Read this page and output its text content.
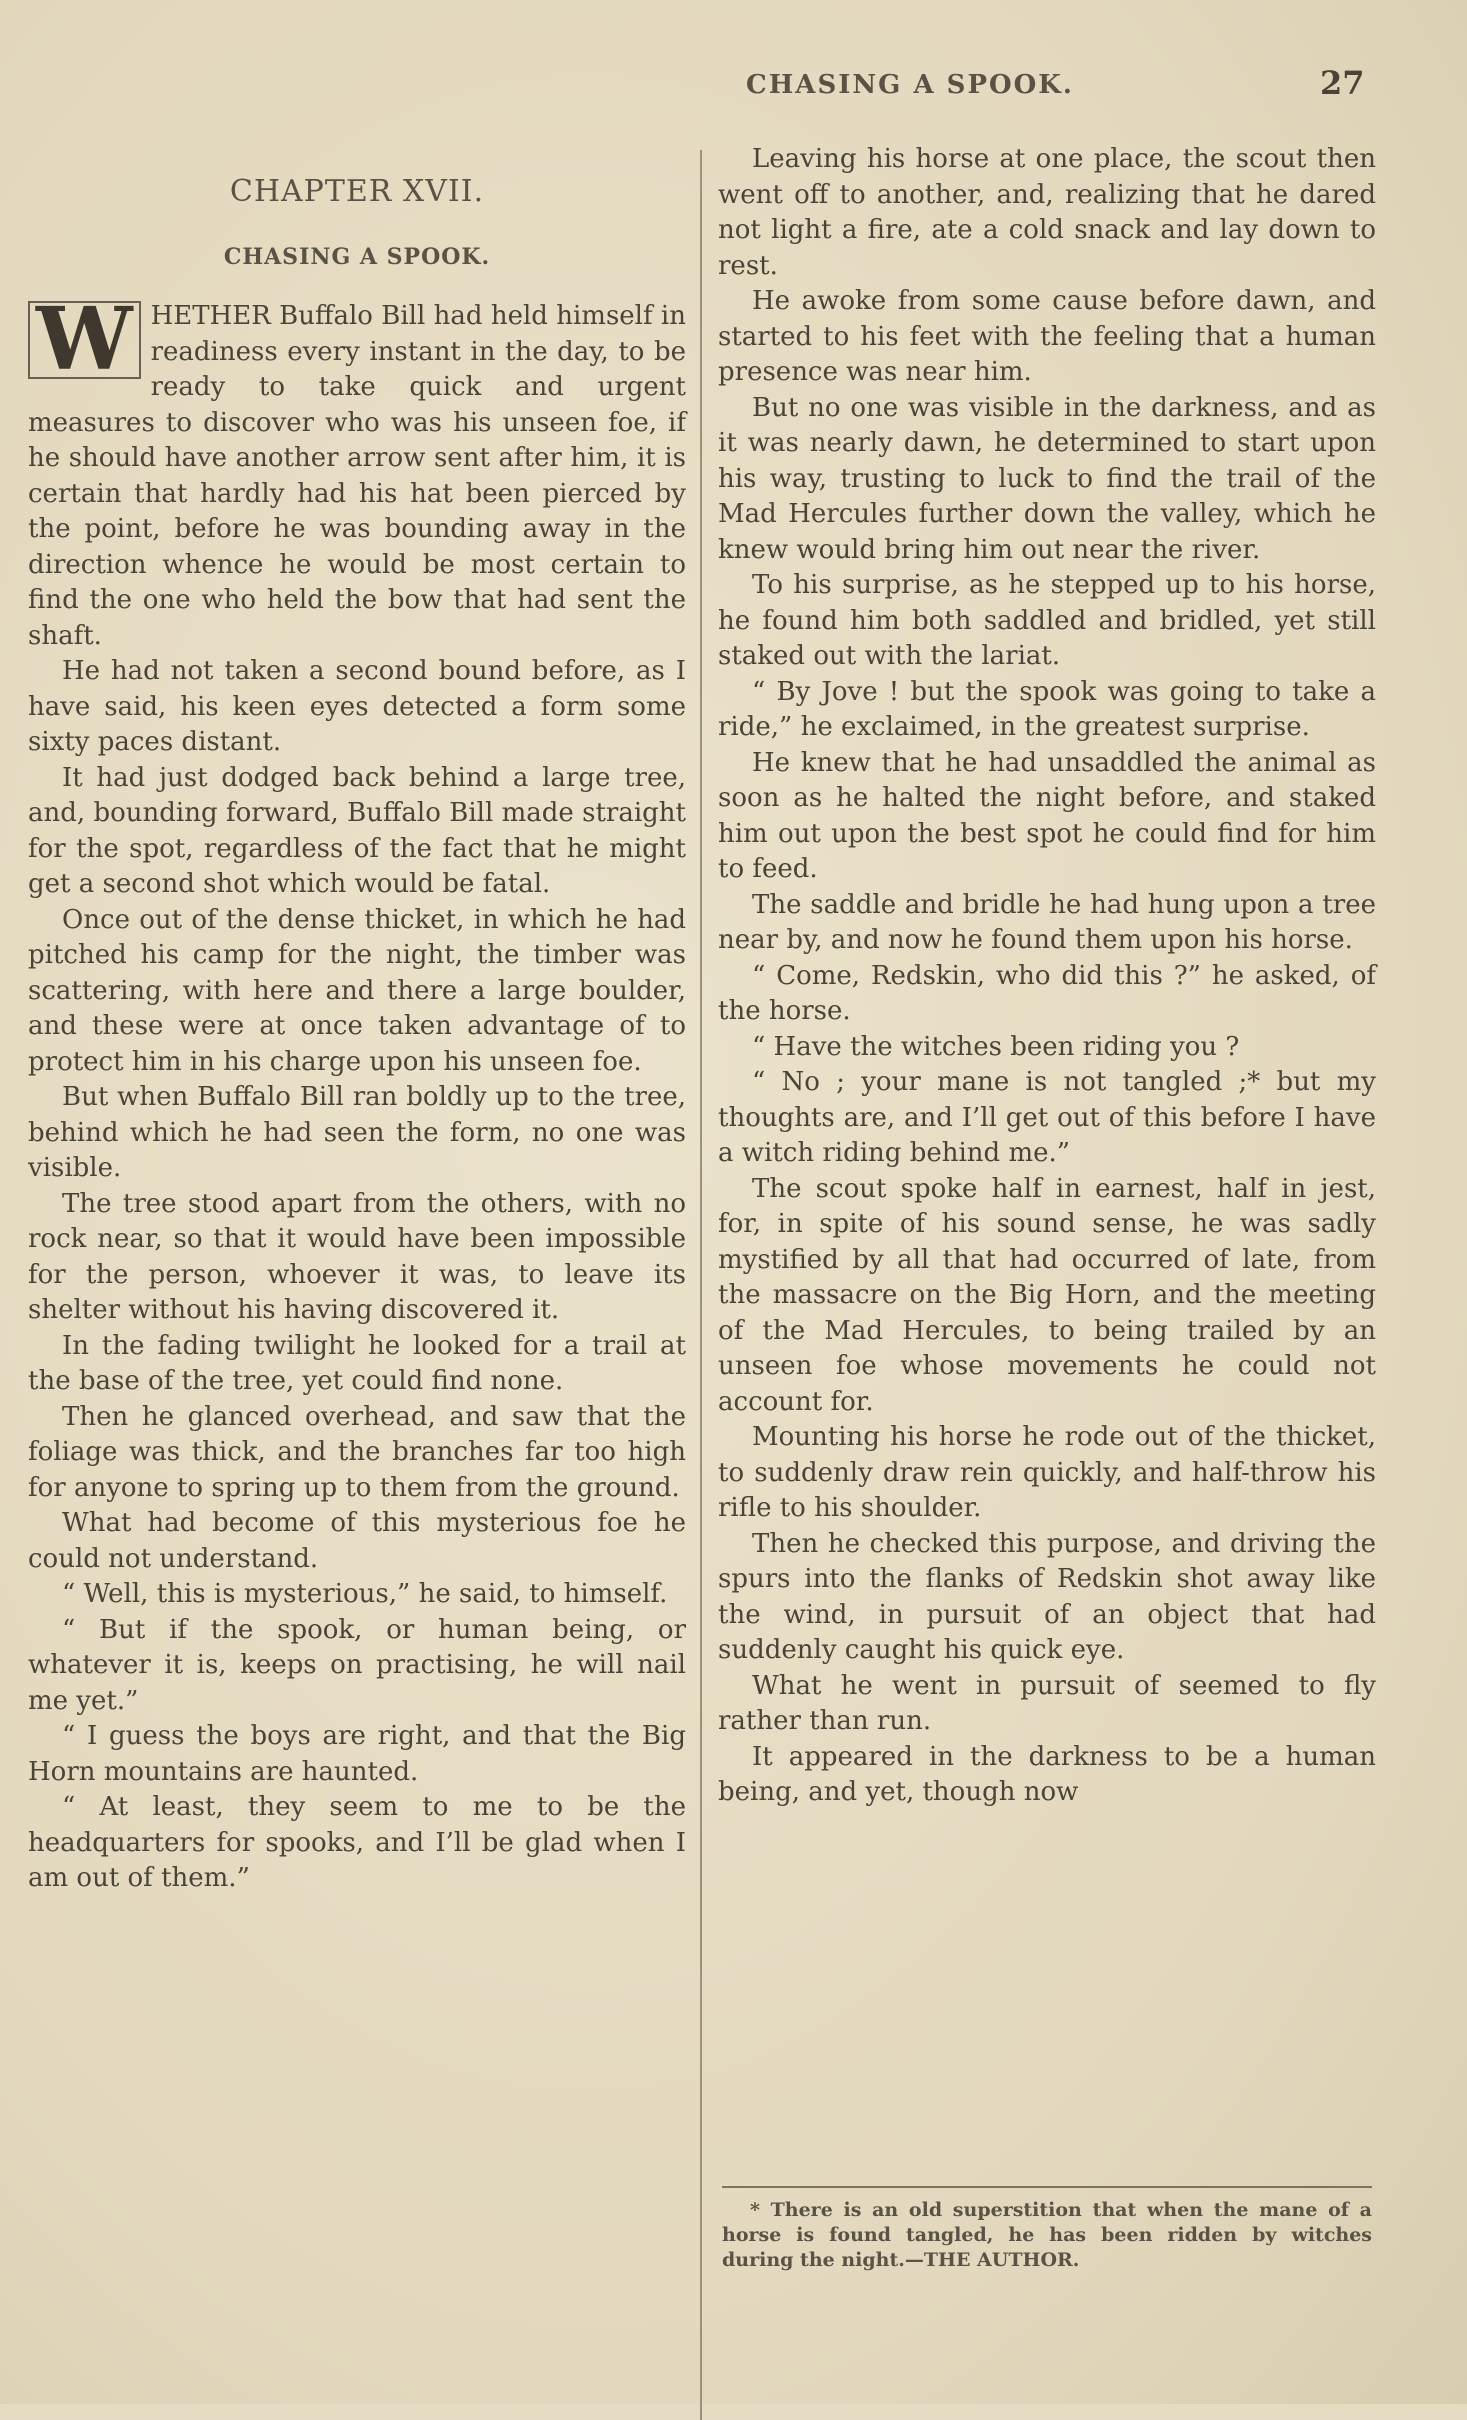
CHASING A SPOOK.	27
CHAPTER XVII.
CHASING A SPOOK.

W HETHER Buffalo Bill had held himself in readiness every instant in the day, to be ready to take quick and urgent measures to discover who was his unseen foe, if he should have another arrow sent after him, it is certain that hardly had his hat been pierced by the point, before he was bounding away in the direction whence he would be most certain to find the one who held the bow that had sent the shaft.

He had not taken a second bound before, as I have said, his keen eyes detected a form some sixty paces distant.

It had just dodged back behind a large tree, and, bounding forward, Buffalo Bill made straight for the spot, regardless of the fact that he might get a second shot which would be fatal.

Once out of the dense thicket, in which he had pitched his camp for the night, the timber was scattering, with here and there a large boulder, and these were at once taken advantage of to protect him in his charge upon his unseen foe.

But when Buffalo Bill ran boldly up to the tree, behind which he had seen the form, no one was visible.

The tree stood apart from the others, with no rock near, so that it would have been impossible for the person, whoever it was, to leave its shelter without his having discovered it.

In the fading twilight he looked for a trail at the base of the tree, yet could find none.

Then he glanced overhead, and saw that the foliage was thick, and the branches far too high for anyone to spring up to them from the ground.

What had become of this mysterious foe he could not understand.

“ Well, this is mysterious,” he said, to himself.

“ But if the spook, or human being, or whatever it is, keeps on practising, he will nail me yet.”

“ I guess the boys are right, and that the Big Horn mountains are haunted.

“ At least, they seem to me to be the headquarters for spooks, and I’ll be glad when I am out of them.”

Leaving his horse at one place, the scout then went off to another, and, realizing that he dared not light a fire, ate a cold snack and lay down to rest.

He awoke from some cause before dawn, and started to his feet with the feeling that a human presence was near him.

But no one was visible in the darkness, and as it was nearly dawn, he determined to start upon his way, trusting to luck to find the trail of the Mad Hercules further down the valley, which he knew would bring him out near the river.

To his surprise, as he stepped up to his horse, he found him both saddled and bridled, yet still staked out with the lariat.

“ By Jove ! but the spook was going to take a ride,” he exclaimed, in the greatest surprise.

He knew that he had unsaddled the animal as soon as he halted the night before, and staked him out upon the best spot he could find for him to feed.

The saddle and bridle he had hung upon a tree near by, and now he found them upon his horse.

“ Come, Redskin, who did this ?” he asked, of the horse.

“ Have the witches been riding you ?

“ No ; your mane is not tangled ;* but my thoughts are, and I’ll get out of this before I have a witch riding behind me.”

The scout spoke half in earnest, half in jest, for, in spite of his sound sense, he was sadly mystified by all that had occurred of late, from the massacre on the Big Horn, and the meeting of the Mad Hercules, to being trailed by an unseen foe whose movements he could not account for.

Mounting his horse he rode out of the thicket, to suddenly draw rein quickly, and half-throw his rifle to his shoulder.

Then he checked this purpose, and driving the spurs into the flanks of Redskin shot away like the wind, in pursuit of an object that had suddenly caught his quick eye.

What he went in pursuit of seemed to fly rather than run.

It appeared in the darkness to be a human being, and yet, though now

* There is an old superstition that when the mane of a horse is found tangled, he has been ridden by witches during the night.—THE AUTHOR.
